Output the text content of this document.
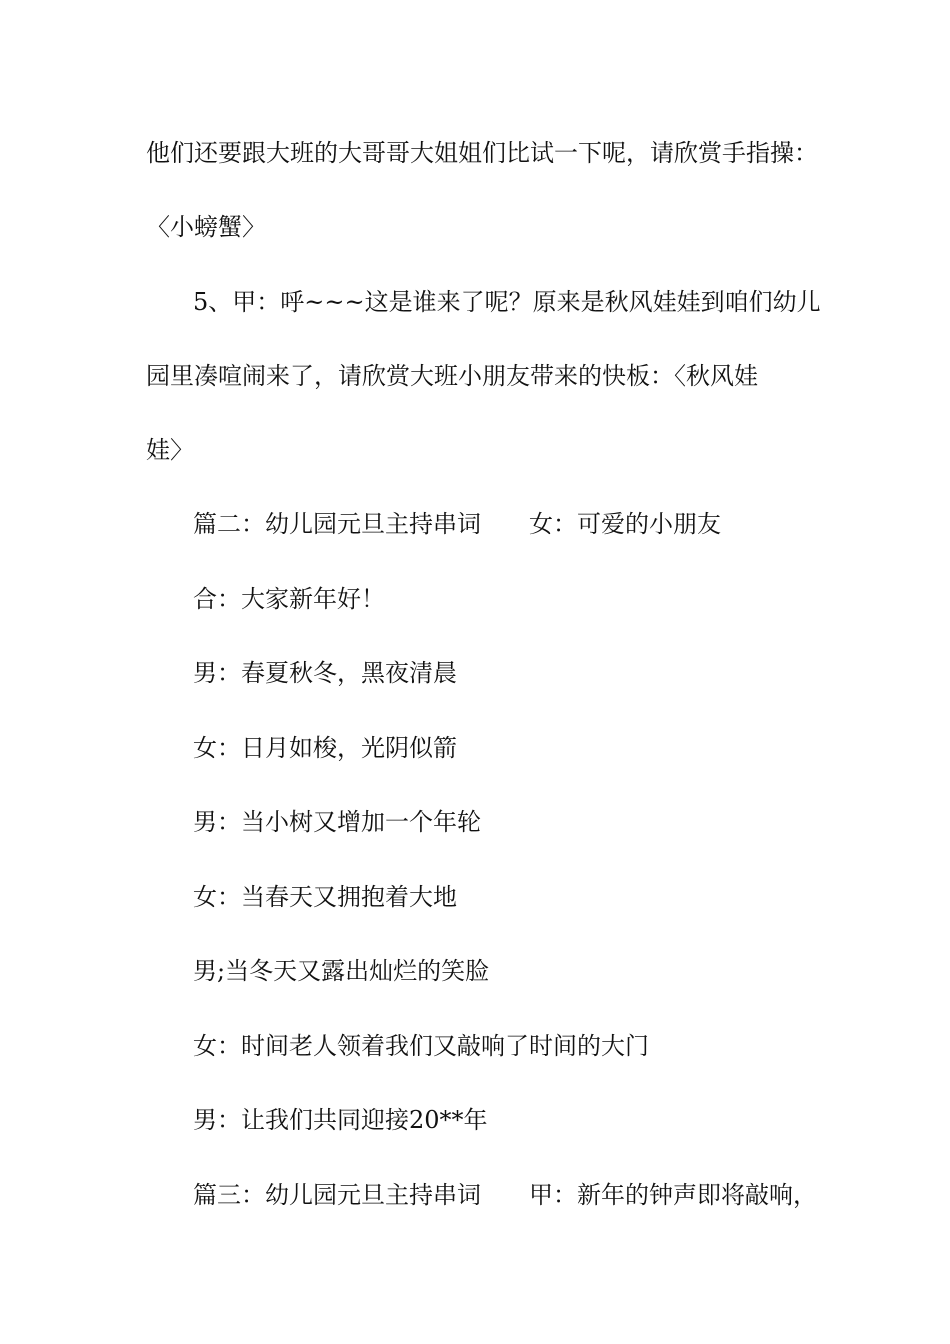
他们还要跟大班的大哥哥大姐姐们比试一下呢，请欣赏手指操：
〈小螃蟹〉
5、甲：呼~~~这是谁来了呢？原来是秋风娃娃到咱们幼儿
园里凑喧闹来了，请欣赏大班小朋友带来的快板：〈秋风娃
娃〉
篇二：幼儿园元旦主持串词 女：可爱的小朋友
合：大家新年好！
男：春夏秋冬，黑夜清晨
女：日月如梭，光阴似箭
男：当小树又增加一个年轮
女：当春天又拥抱着大地
男;当冬天又露出灿烂的笑脸
女：时间老人领着我们又敲响了时间的大门
男：让我们共同迎接20**年
篇三：幼儿园元旦主持串词 甲：新年的钟声即将敲响，
